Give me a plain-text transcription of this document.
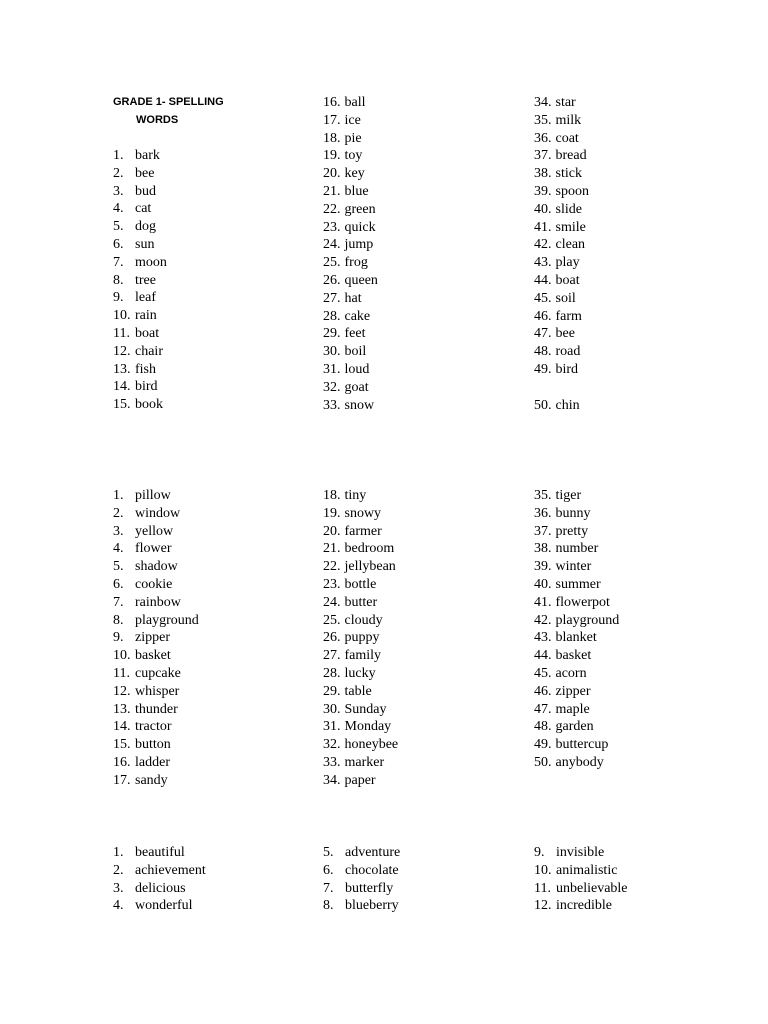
GRADE 1- SPELLING
WORDS
1. bark
2. bee
3. bud
4. cat
5. dog
6. sun
7. moon
8. tree
9. leaf
10. rain
11. boat
12. chair
13. fish
14. bird
15. book
16. ball
17. ice
18. pie
19. toy
20. key
21. blue
22. green
23. quick
24. jump
25. frog
26. queen
27. hat
28. cake
29. feet
30. boil
31. loud
32. goat
33. snow
34. star
35. milk
36. coat
37. bread
38. stick
39. spoon
40. slide
41. smile
42. clean
43. play
44. boat
45. soil
46. farm
47. bee
48. road
49. bird
50. chin
1. pillow
2. window
3. yellow
4. flower
5. shadow
6. cookie
7. rainbow
8. playground
9. zipper
10. basket
11. cupcake
12. whisper
13. thunder
14. tractor
15. button
16. ladder
17. sandy
18. tiny
19. snowy
20. farmer
21. bedroom
22. jellybean
23. bottle
24. butter
25. cloudy
26. puppy
27. family
28. lucky
29. table
30. Sunday
31. Monday
32. honeybee
33. marker
34. paper
35. tiger
36. bunny
37. pretty
38. number
39. winter
40. summer
41. flowerpot
42. playground
43. blanket
44. basket
45. acorn
46. zipper
47. maple
48. garden
49. buttercup
50. anybody
1. beautiful
2. achievement
3. delicious
4. wonderful
5. adventure
6. chocolate
7. butterfly
8. blueberry
9. invisible
10. animalistic
11. unbelievable
12. incredible
